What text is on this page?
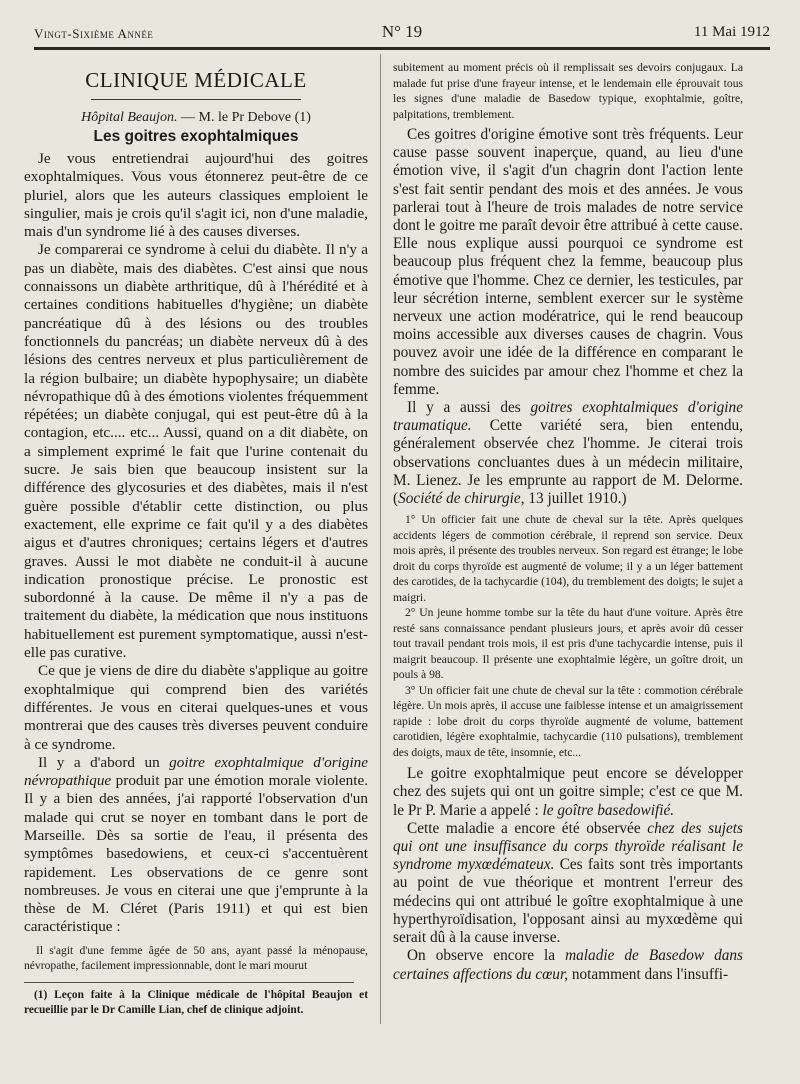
Vingt-Sixième Année	N° 19	11 Mai 1912
CLINIQUE MÉDICALE
Hôpital Beaujon. — M. le Pr Debove (1)
Les goitres exophtalmiques

Je vous entretiendrai aujourd'hui des goitres exophtalmiques. Vous vous étonnerez peut-être de ce pluriel, alors que les auteurs classiques emploient le singulier, mais je crois qu'il s'agit ici, non d'une maladie, mais d'un syndrome lié à des causes diverses.

Je comparerai ce syndrome à celui du diabète. Il n'y a pas un diabète, mais des diabètes. C'est ainsi que nous connaissons un diabète arthritique, dû à l'hérédité et à certaines conditions habituelles d'hygiène; un diabète pancréatique dû à des lésions ou des troubles fonctionnels du pancréas; un diabète nerveux dû à des lésions des centres nerveux et plus particulièrement de la région bulbaire; un diabète hypophysaire; un diabète névropathique dû à des émotions violentes fréquemment répétées; un diabète conjugal, qui est peut-être dû à la contagion, etc.... etc... Aussi, quand on a dit diabète, on a simplement exprimé le fait que l'urine contenait du sucre. Je sais bien que beaucoup insistent sur la différence des glycosuries et des diabètes, mais il n'est guère possible d'établir cette distinction, ou plus exactement, elle exprime ce fait qu'il y a des diabètes aigus et d'autres chroniques; certains légers et d'autres graves. Aussi le mot diabète ne conduit-il à aucune indication pronostique précise. Le pronostic est subordonné à la cause. De même il n'y a pas de traitement du diabète, la médication que nous instituons habituellement est purement symptomatique, aussi n'est-elle pas curative.

Ce que je viens de dire du diabète s'applique au goitre exophtalmique qui comprend bien des variétés différentes. Je vous en citerai quelques-unes et vous montrerai que des causes très diverses peuvent conduire à ce syndrome.

Il y a d'abord un goitre exophtalmique d'origine névropathique produit par une émotion morale violente. Il y a bien des années, j'ai rapporté l'observation d'un malade qui crut se noyer en tombant dans le port de Marseille. Dès sa sortie de l'eau, il présenta des symptômes basedowiens, et ceux-ci s'accentuèrent rapidement. Les observations de ce genre sont nombreuses. Je vous en citerai une que j'emprunte à la thèse de M. Cléret (Paris 1911) et qui est bien caractéristique :

Il s'agit d'une femme âgée de 50 ans, ayant passé la ménopause, névropathe, facilement impressionnable, dont le mari mourut

(1) Leçon faite à la Clinique médicale de l'hôpital Beaujon et recueillie par le Dr Camille Lian, chef de clinique adjoint.

subitement au moment précis où il remplissait ses devoirs conjugaux. La malade fut prise d'une frayeur intense, et le lendemain elle éprouvait tous les signes d'une maladie de Basedow typique, exophtalmie, goître, palpitations, tremblement.

Ces goitres d'origine émotive sont très fréquents. Leur cause passe souvent inaperçue, quand, au lieu d'une émotion vive, il s'agit d'un chagrin dont l'action lente s'est fait sentir pendant des mois et des années. Je vous parlerai tout à l'heure de trois malades de notre service dont le goitre me paraît devoir être attribué à cette cause. Elle nous explique aussi pourquoi ce syndrome est beaucoup plus fréquent chez la femme, beaucoup plus émotive que l'homme. Chez ce dernier, les testicules, par leur sécrétion interne, semblent exercer sur le système nerveux une action modératrice, qui le rend beaucoup moins accessible aux diverses causes de chagrin. Vous pouvez avoir une idée de la différence en comparant le nombre des suicides par amour chez l'homme et chez la femme.

Il y a aussi des goitres exophtalmiques d'origine traumatique. Cette variété sera, bien entendu, généralement observée chez l'homme. Je citerai trois observations concluantes dues à un médecin militaire, M. Lienez. Je les emprunte au rapport de M. Delorme. (Société de chirurgie, 13 juillet 1910.)

1° Un officier fait une chute de cheval sur la tête. Après quelques accidents légers de commotion cérébrale, il reprend son service. Deux mois après, il présente des troubles nerveux. Son regard est étrange; le lobe droit du corps thyroïde est augmenté de volume; il y a un léger battement des carotides, de la tachycardie (104), du tremblement des doigts; le sujet a maigri.

2° Un jeune homme tombe sur la tête du haut d'une voiture. Après être resté sans connaissance pendant plusieurs jours, et après avoir dû cesser tout travail pendant trois mois, il est pris d'une tachycardie intense, puis il maigrit beaucoup. Il présente une exophtalmie légère, un goître droit, un pouls à 98.

3° Un officier fait une chute de cheval sur la tête : commotion cérébrale légère. Un mois après, il accuse une faiblesse intense et un amaigrissement rapide : lobe droit du corps thyroïde augmenté de volume, battement carotidien, légère exophtalmie, tachycardie (110 pulsations), tremblement des doigts, maux de tête, insomnie, etc...

Le goitre exophtalmique peut encore se développer chez des sujets qui ont un goitre simple; c'est ce que M. le Pr P. Marie a appelé : le goître basedowifié.

Cette maladie a encore été observée chez des sujets qui ont une insuffisance du corps thyroïde réalisant le syndrome myxœdémateux. Ces faits sont très importants au point de vue théorique et montrent l'erreur des médecins qui ont attribué le goître exophtalmique à une hyperthyroïdisation, l'opposant ainsi au myxœdème qui serait dû à la cause inverse.

On observe encore la maladie de Basedow dans certaines affections du cœur, notamment dans l'insuffi-
